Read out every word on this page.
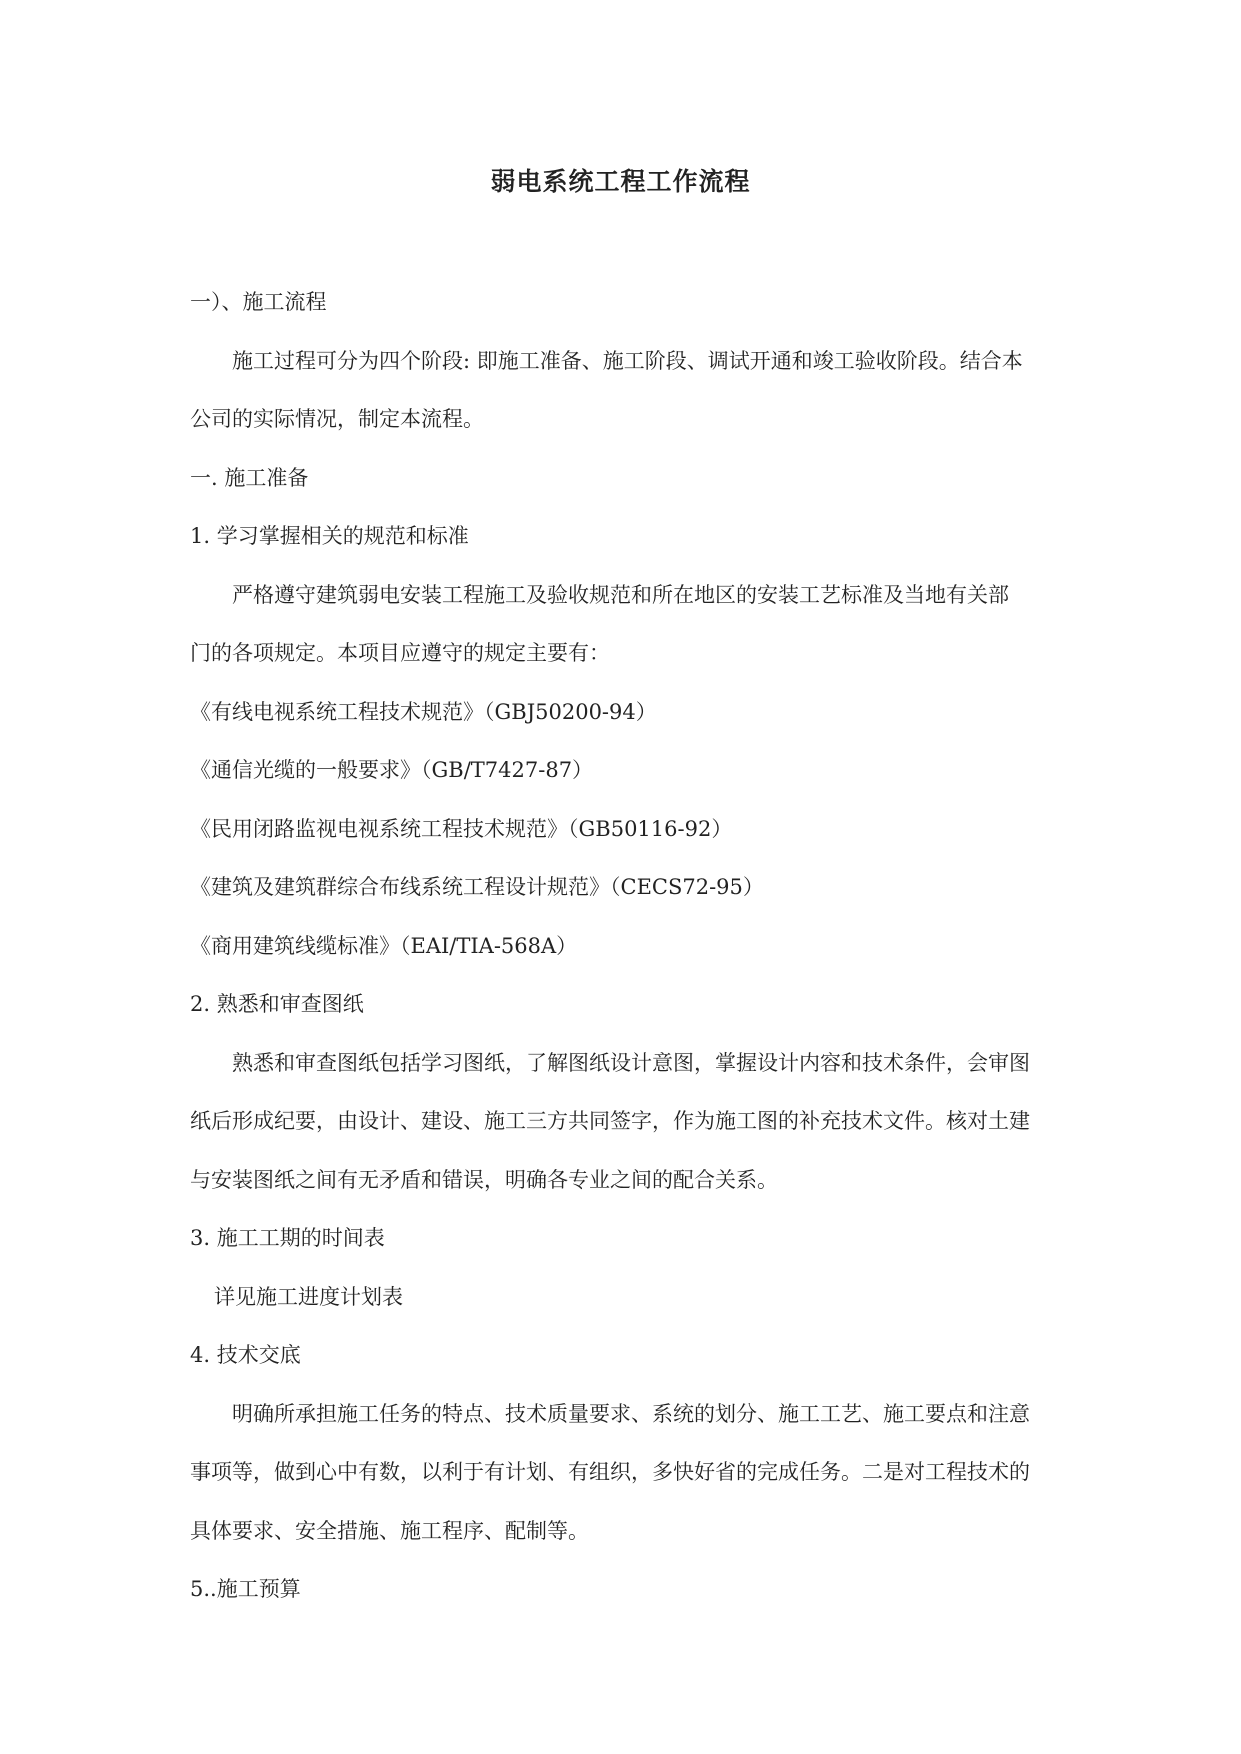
弱电系统工程工作流程
一）、施工流程
施工过程可分为四个阶段: 即施工准备、施工阶段、调试开通和竣工验收阶段。结合本
公司的实际情况，制定本流程。
一. 施工准备
1. 学习掌握相关的规范和标准
严格遵守建筑弱电安装工程施工及验收规范和所在地区的安装工艺标准及当地有关部
门的各项规定。本项目应遵守的规定主要有：
《有线电视系统工程技术规范》（GBJ50200-94）
《通信光缆的一般要求》（GB/T7427-87）
《民用闭路监视电视系统工程技术规范》（GB50116-92）
《建筑及建筑群综合布线系统工程设计规范》（CECS72-95）
《商用建筑线缆标准》（EAI/TIA-568A）
2. 熟悉和审查图纸
熟悉和审查图纸包括学习图纸，了解图纸设计意图，掌握设计内容和技术条件，会审图
纸后形成纪要，由设计、建设、施工三方共同签字，作为施工图的补充技术文件。核对土建
与安装图纸之间有无矛盾和错误，明确各专业之间的配合关系。
3. 施工工期的时间表
详见施工进度计划表
4. 技术交底
明确所承担施工任务的特点、技术质量要求、系统的划分、施工工艺、施工要点和注意
事项等，做到心中有数，以利于有计划、有组织，多快好省的完成任务。二是对工程技术的
具体要求、安全措施、施工程序、配制等。
5..施工预算
